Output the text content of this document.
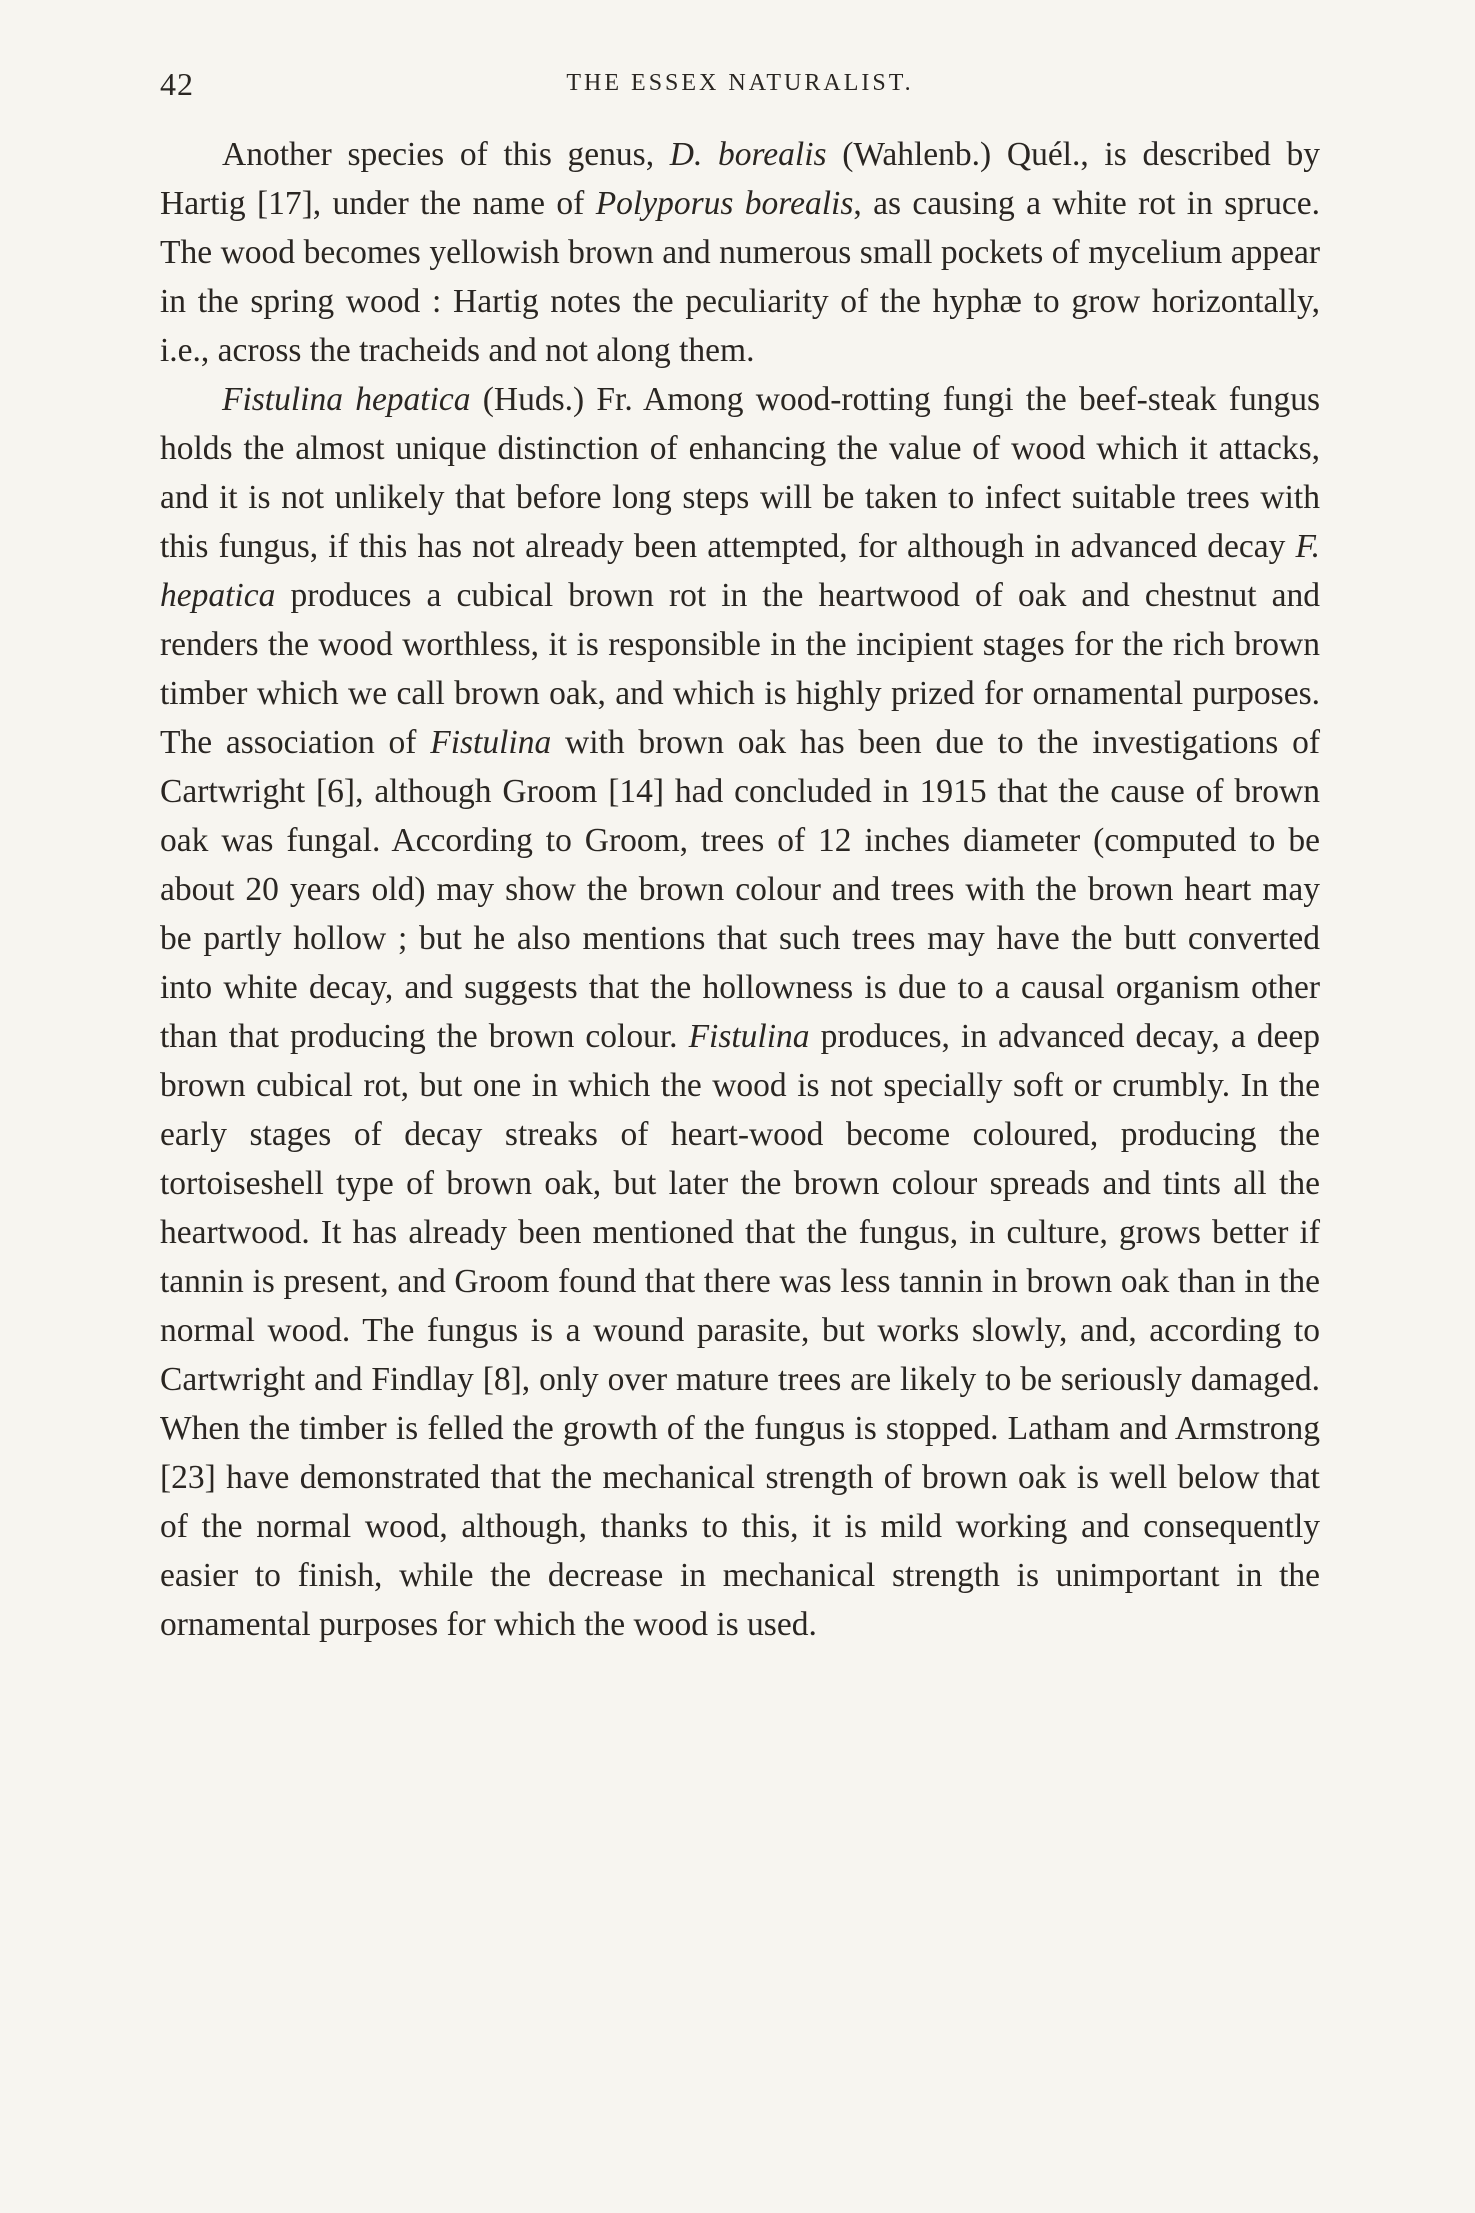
42	THE ESSEX NATURALIST.

Another species of this genus, D. borealis (Wahlenb.) Quél., is described by Hartig [17], under the name of Polyporus borealis, as causing a white rot in spruce. The wood becomes yellowish brown and numerous small pockets of mycelium appear in the spring wood : Hartig notes the peculiarity of the hyphæ to grow horizontally, i.e., across the tracheids and not along them.

Fistulina hepatica (Huds.) Fr. Among wood-rotting fungi the beef-steak fungus holds the almost unique distinction of enhancing the value of wood which it attacks, and it is not unlikely that before long steps will be taken to infect suitable trees with this fungus, if this has not already been attempted, for although in advanced decay F. hepatica produces a cubical brown rot in the heartwood of oak and chestnut and renders the wood worthless, it is responsible in the incipient stages for the rich brown timber which we call brown oak, and which is highly prized for ornamental purposes. The association of Fistulina with brown oak has been due to the investigations of Cartwright [6], although Groom [14] had concluded in 1915 that the cause of brown oak was fungal. According to Groom, trees of 12 inches diameter (computed to be about 20 years old) may show the brown colour and trees with the brown heart may be partly hollow ; but he also mentions that such trees may have the butt converted into white decay, and suggests that the hollowness is due to a causal organism other than that producing the brown colour. Fistulina produces, in advanced decay, a deep brown cubical rot, but one in which the wood is not specially soft or crumbly. In the early stages of decay streaks of heart-wood become coloured, producing the tortoiseshell type of brown oak, but later the brown colour spreads and tints all the heartwood. It has already been mentioned that the fungus, in culture, grows better if tannin is present, and Groom found that there was less tannin in brown oak than in the normal wood. The fungus is a wound parasite, but works slowly, and, according to Cartwright and Findlay [8], only over mature trees are likely to be seriously damaged. When the timber is felled the growth of the fungus is stopped. Latham and Armstrong [23] have demonstrated that the mechanical strength of brown oak is well below that of the normal wood, although, thanks to this, it is mild working and consequently easier to finish, while the decrease in mechanical strength is unimportant in the ornamental purposes for which the wood is used.
